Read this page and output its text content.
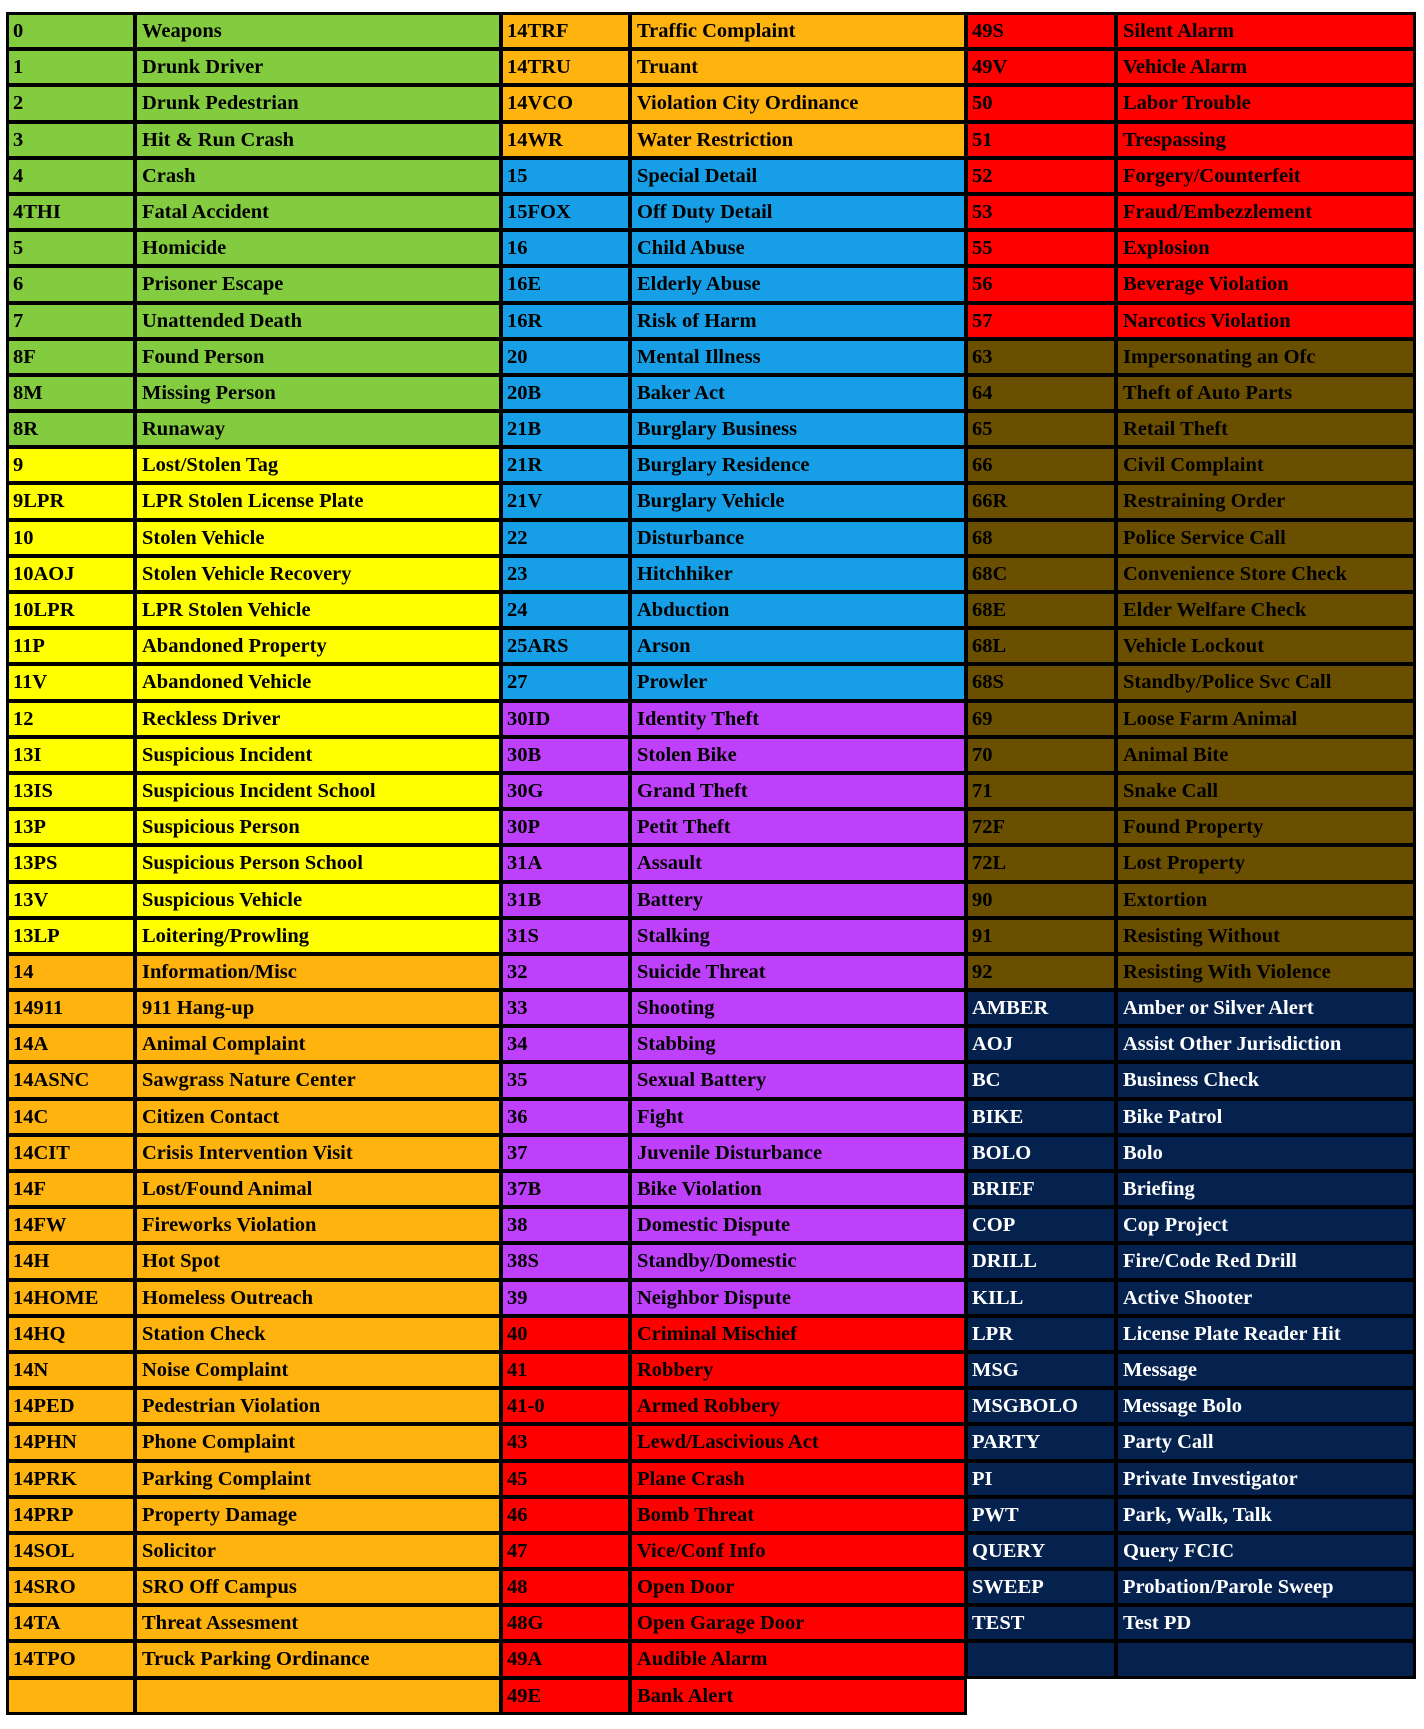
0	Weapons
1	Drunk Driver
2	Drunk Pedestrian
3	Hit & Run Crash
4	Crash
4THI	Fatal Accident
5	Homicide
6	Prisoner Escape
7	Unattended Death
8F	Found Person
8M	Missing Person
8R	Runaway
9	Lost/Stolen Tag
9LPR	LPR Stolen License Plate
10	Stolen Vehicle
10AOJ	Stolen Vehicle Recovery
10LPR	LPR Stolen Vehicle
11P	Abandoned Property
11V	Abandoned Vehicle
12	Reckless Driver
13I	Suspicious Incident
13IS	Suspicious Incident School
13P	Suspicious Person
13PS	Suspicious Person School
13V	Suspicious Vehicle
13LP	Loitering/Prowling
14	Information/Misc
14911	911 Hang-up
14A	Animal Complaint
14ASNC	Sawgrass Nature Center
14C	Citizen Contact
14CIT	Crisis Intervention Visit
14F	Lost/Found Animal
14FW	Fireworks Violation
14H	Hot Spot
14HOME	Homeless Outreach
14HQ	Station Check
14N	Noise Complaint
14PED	Pedestrian Violation
14PHN	Phone Complaint
14PRK	Parking Complaint
14PRP	Property Damage
14SOL	Solicitor
14SRO	SRO Off Campus
14TA	Threat Assesment
14TPO	Truck Parking Ordinance
14TRF	Traffic Complaint
14TRU	Truant
14VCO	Violation City Ordinance
14WR	Water Restriction
15	Special Detail
15FOX	Off Duty Detail
16	Child Abuse
16E	Elderly Abuse
16R	Risk of Harm
20	Mental Illness
20B	Baker Act
21B	Burglary Business
21R	Burglary Residence
21V	Burglary Vehicle
22	Disturbance
23	Hitchhiker
24	Abduction
25ARS	Arson
27	Prowler
30ID	Identity Theft
30B	Stolen Bike
30G	Grand Theft
30P	Petit Theft
31A	Assault
31B	Battery
31S	Stalking
32	Suicide Threat
33	Shooting
34	Stabbing
35	Sexual Battery
36	Fight
37	Juvenile Disturbance
37B	Bike Violation
38	Domestic Dispute
38S	Standby/Domestic
39	Neighbor Dispute
40	Criminal Mischief
41	Robbery
41-0	Armed Robbery
43	Lewd/Lascivious Act
45	Plane Crash
46	Bomb Threat
47	Vice/Conf Info
48	Open Door
48G	Open Garage Door
49A	Audible Alarm
49E	Bank Alert
49S	Silent Alarm
49V	Vehicle Alarm
50	Labor Trouble
51	Trespassing
52	Forgery/Counterfeit
53	Fraud/Embezzlement
55	Explosion
56	Beverage Violation
57	Narcotics Violation
63	Impersonating an Ofc
64	Theft of Auto Parts
65	Retail Theft
66	Civil Complaint
66R	Restraining Order
68	Police Service Call
68C	Convenience Store Check
68E	Elder Welfare Check
68L	Vehicle Lockout
68S	Standby/Police Svc Call
69	Loose Farm Animal
70	Animal Bite
71	Snake Call
72F	Found Property
72L	Lost Property
90	Extortion
91	Resisting Without
92	Resisting With Violence
AMBER	Amber or Silver Alert
AOJ	Assist Other Jurisdiction
BC	Business Check
BIKE	Bike Patrol
BOLO	Bolo
BRIEF	Briefing
COP	Cop Project
DRILL	Fire/Code Red Drill
KILL	Active Shooter
LPR	License Plate Reader Hit
MSG	Message
MSGBOLO	Message Bolo
PARTY	Party Call
PI	Private Investigator
PWT	Park, Walk, Talk
QUERY	Query FCIC
SWEEP	Probation/Parole Sweep
TEST	Test PD
